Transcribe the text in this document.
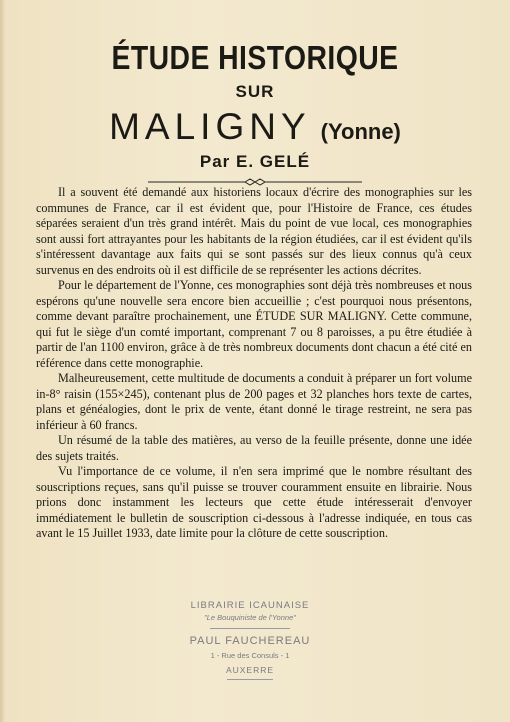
ÉTUDE HISTORIQUE
SUR
MALIGNY (Yonne)
Par E. GELÉ

Il a souvent été demandé aux historiens locaux d'écrire des monographies sur les communes de France, car il est évident que, pour l'Histoire de France, ces études séparées seraient d'un très grand intérêt. Mais du point de vue local, ces monographies sont aussi fort attrayantes pour les habitants de la région étudiées, car il est évident qu'ils s'intéressent davantage aux faits qui se sont passés sur des lieux connus qu'à ceux survenus en des endroits où il est difficile de se représenter les actions décrites.

Pour le département de l'Yonne, ces monographies sont déjà très nombreuses et nous espérons qu'une nouvelle sera encore bien accueillie ; c'est pourquoi nous présentons, comme devant paraître prochainement, une ÉTUDE SUR MALIGNY. Cette commune, qui fut le siège d'un comté important, comprenant 7 ou 8 paroisses, a pu être étudiée à partir de l'an 1100 environ, grâce à de très nombreux documents dont chacun a été cité en référence dans cette monographie.

Malheureusement, cette multitude de documents a conduit à préparer un fort volume in-8° raisin (155×245), contenant plus de 200 pages et 32 planches hors texte de cartes, plans et généalogies, dont le prix de vente, étant donné le tirage restreint, ne sera pas inférieur à 60 francs.

Un résumé de la table des matières, au verso de la feuille présente, donne une idée des sujets traités.

Vu l'importance de ce volume, il n'en sera imprimé que le nombre résultant des souscriptions reçues, sans qu'il puisse se trouver couramment ensuite en librairie. Nous prions donc instamment les lecteurs que cette étude intéresserait d'envoyer immédiatement le bulletin de souscription ci-dessous à l'adresse indiquée, en tous cas avant le 15 Juillet 1933, date limite pour la clôture de cette souscription.

LIBRAIRIE ICAUNAISE
"Le Bouquiniste de l'Yonne"
PAUL FAUCHEREAU
1 - Rue des Consuls - 1
AUXERRE
